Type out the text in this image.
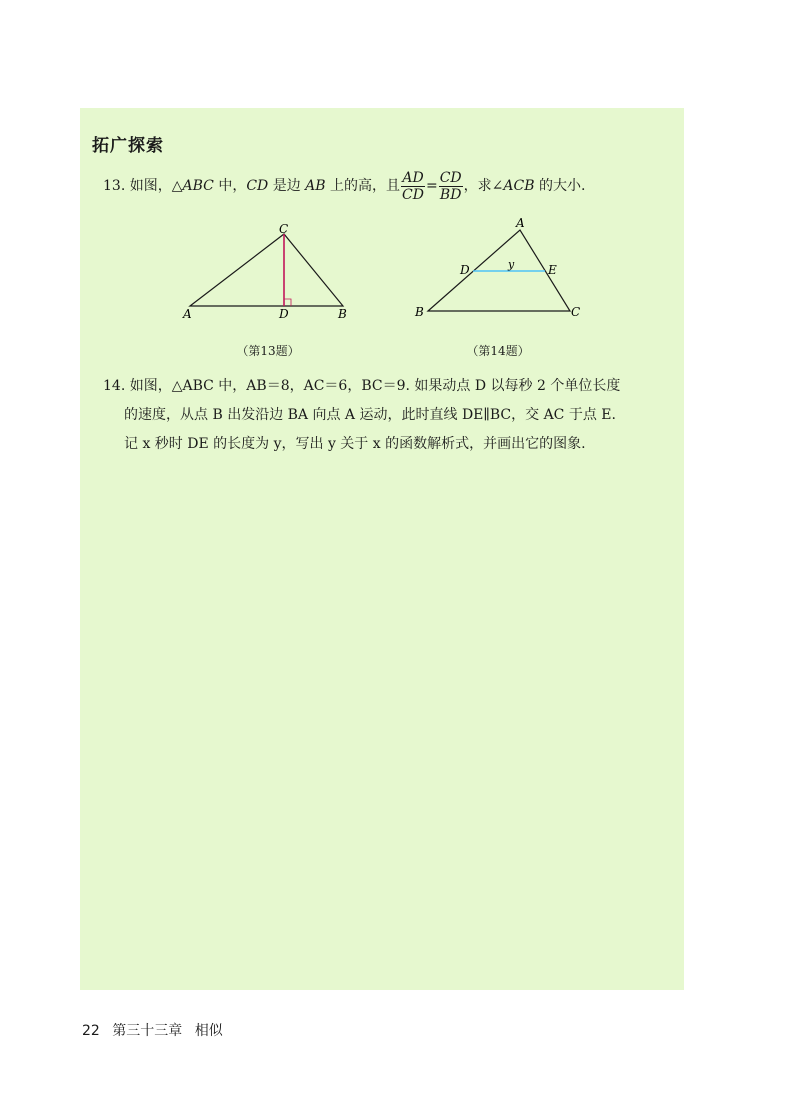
拓广探索
13. 如图，△ABC 中，CD 是边 AB 上的高，且 $\frac{AD}{CD} = \frac{CD}{BD}$ ，求∠ACB 的大小.
A
C
D	B
（第13题）
A
D	E
y
B	C
（第14题）
14. 如图，△ABC 中，AB＝8，AC＝6，BC＝9. 如果动点 D 以每秒 2 个单位长度
的速度，从点 B 出发沿边 BA 向点 A 运动，此时直线 DE∥BC，交 AC 于点 E.
记 x 秒时 DE 的长度为 y，写出 y 关于 x 的函数解析式，并画出它的图象.
22 第三十三章 相似
